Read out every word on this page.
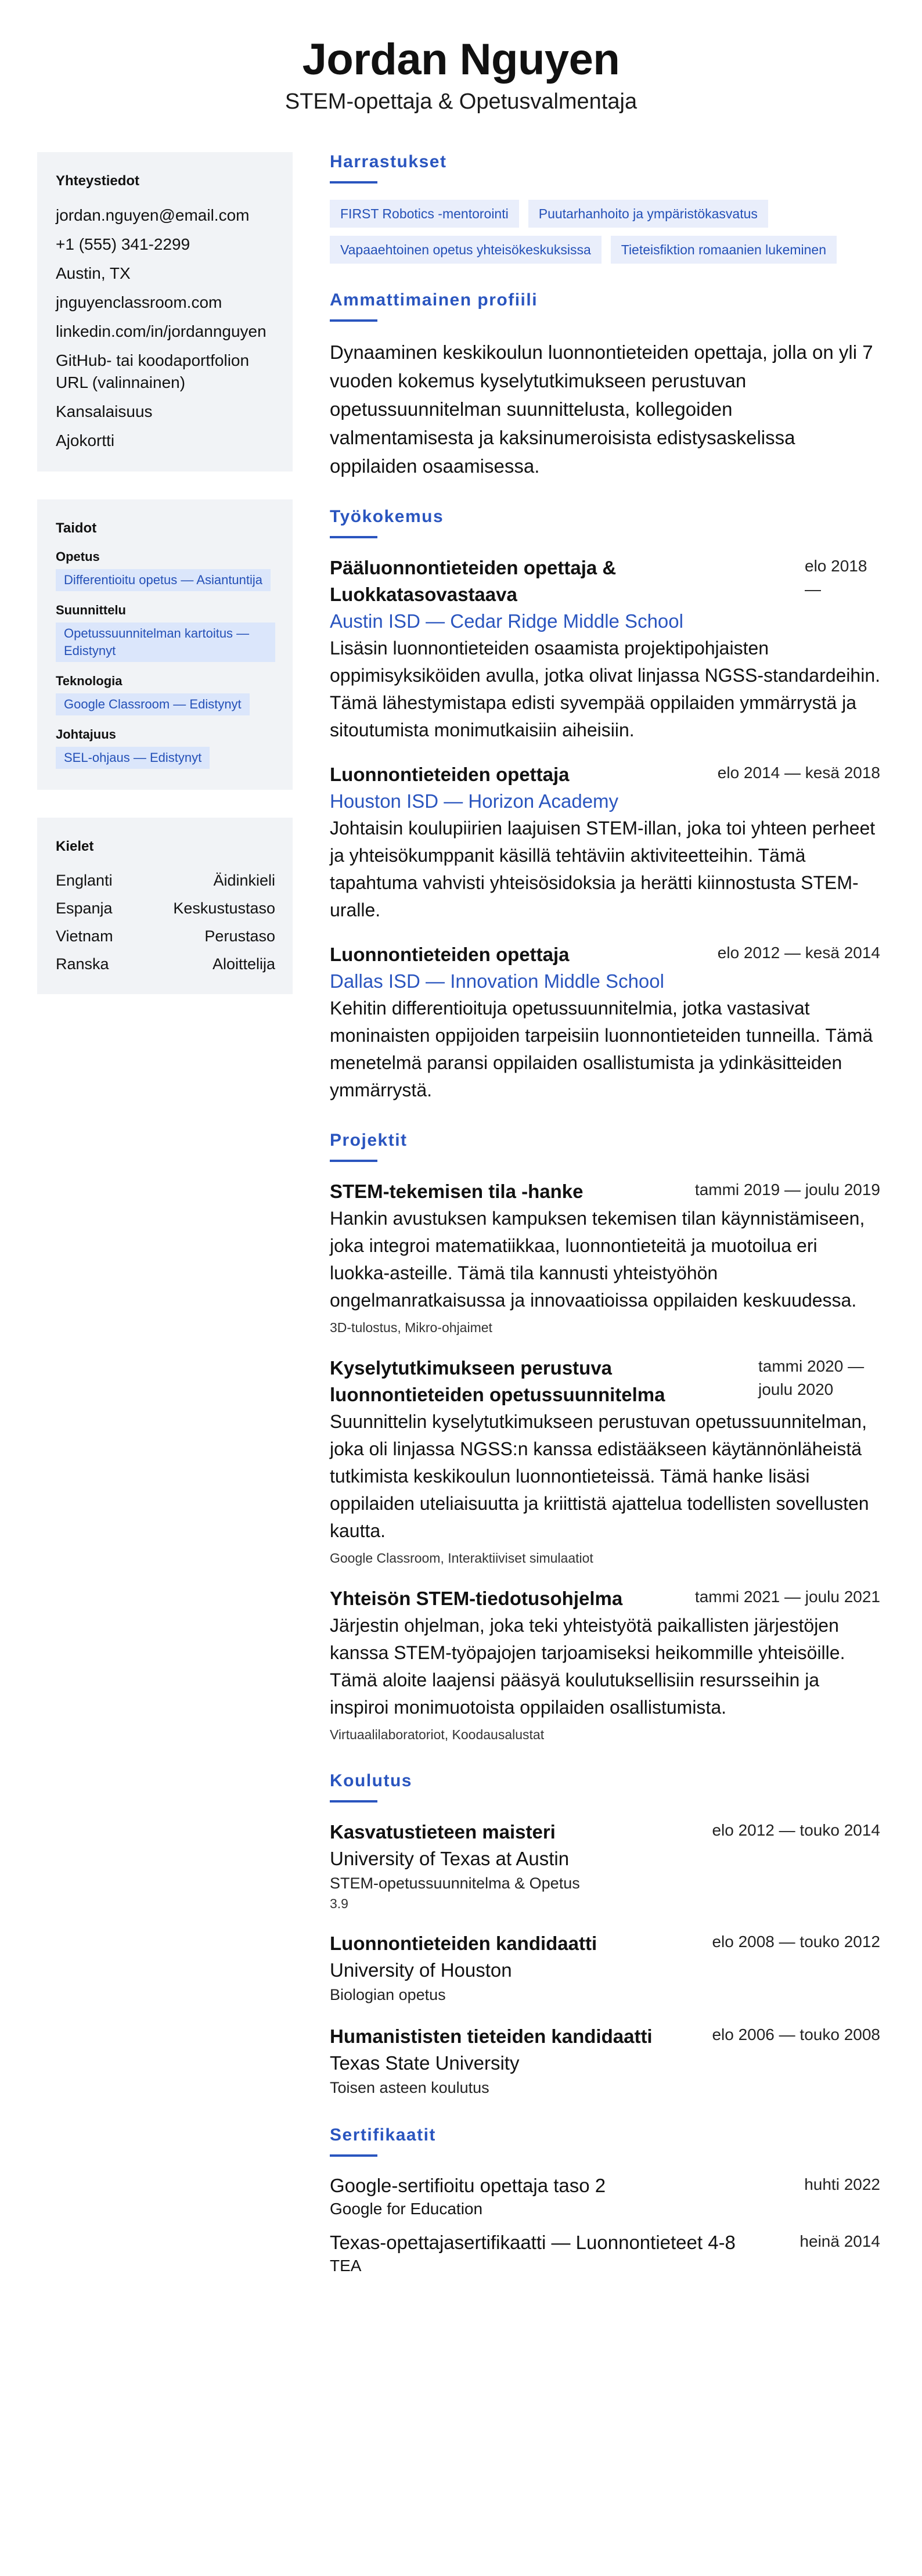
Jordan Nguyen
STEM-opettaja & Opetusvalmentaja
Yhteystiedot
jordan.nguyen@email.com
+1 (555) 341-2299
Austin, TX
jnguyenclassroom.com
linkedin.com/in/jordannguyen
GitHub- tai koodaportfolion URL (valinnainen)
Kansalaisuus
Ajokortti
Taidot
Opetus
Differentioitu opetus — Asiantuntija
Suunnittelu
Opetussuunnitelman kartoitus — Edistynyt
Teknologia
Google Classroom — Edistynyt
Johtajuus
SEL-ohjaus — Edistynyt
Kielet
Englanti	Äidinkieli
Espanja	Keskustustaso
Vietnam	Perustaso
Ranska	Aloittelija
Harrastukset
FIRST Robotics -mentorointi	Puutarhanhoito ja ympäristökasvatus
Vapaaehtoinen opetus yhteisökeskuksissa	Tieteisfiktion romaanien lukeminen
Ammattimainen profiili

Dynaaminen keskikoulun luonnontieteiden opettaja, jolla on yli 7 vuoden kokemus kyselytutkimukseen perustuvan opetussuunnitelman suunnittelusta, kollegoiden valmentamisesta ja kaksinumeroisista edistysaskelissa oppilaiden osaamisessa.

Työkokemus
Pääluonnontieteiden opettaja & Luokkatasovastaava
elo 2018 —
Austin ISD — Cedar Ridge Middle School

Lisäsin luonnontieteiden osaamista projektipohjaisten oppimisyksiköiden avulla, jotka olivat linjassa NGSS-standardeihin. Tämä lähestymistapa edisti syvempää oppilaiden ymmärrystä ja sitoutumista monimutkaisiin aiheisiin.

Luonnontieteiden opettaja	elo 2014 — kesä 2018
Houston ISD — Horizon Academy

Johtaisin koulupiirien laajuisen STEM-illan, joka toi yhteen perheet ja yhteisökumppanit käsillä tehtäviin aktiviteetteihin. Tämä tapahtuma vahvisti yhteisösidoksia ja herätti kiinnostusta STEM-uralle.

Luonnontieteiden opettaja	elo 2012 — kesä 2014
Dallas ISD — Innovation Middle School

Kehitin differentioituja opetussuunnitelmia, jotka vastasivat moninaisten oppijoiden tarpeisiin luonnontieteiden tunneilla. Tämä menetelmä paransi oppilaiden osallistumista ja ydinkäsitteiden ymmärrystä.

Projektit
STEM-tekemisen tila -hanke	tammi 2019 — joulu 2019

Hankin avustuksen kampuksen tekemisen tilan käynnistämiseen, joka integroi matematiikkaa, luonnontieteitä ja muotoilua eri luokka-asteille. Tämä tila kannusti yhteistyöhön ongelmanratkaisussa ja innovaatioissa oppilaiden keskuudessa.

3D-tulostus, Mikro-ohjaimet
Kyselytutkimukseen perustuva luonnontieteiden opetussuunnitelma
tammi 2020 — joulu 2020

Suunnittelin kyselytutkimukseen perustuvan opetussuunnitelman, joka oli linjassa NGSS:n kanssa edistääkseen käytännönläheistä tutkimista keskikoulun luonnontieteissä. Tämä hanke lisäsi oppilaiden uteliaisuutta ja kriittistä ajattelua todellisten sovellusten kautta.

Google Classroom, Interaktiiviset simulaatiot
Yhteisön STEM-tiedotusohjelma	tammi 2021 — joulu 2021

Järjestin ohjelman, joka teki yhteistyötä paikallisten järjestöjen kanssa STEM-työpajojen tarjoamiseksi heikommille yhteisöille. Tämä aloite laajensi pääsyä koulutuksellisiin resursseihin ja inspiroi monimuotoista oppilaiden osallistumista.

Virtuaalilaboratoriot, Koodausalustat
Koulutus
Kasvatustieteen maisteri	elo 2012 — touko 2014
University of Texas at Austin
STEM-opetussuunnitelma & Opetus
3.9
Luonnontieteiden kandidaatti	elo 2008 — touko 2012
University of Houston
Biologian opetus
Humanististen tieteiden kandidaatti	elo 2006 — touko 2008
Texas State University
Toisen asteen koulutus
Sertifikaatit
Google-sertifioitu opettaja taso 2	huhti 2022
Google for Education
Texas-opettajasertifikaatti — Luonnontieteet 4-8	heinä 2014
TEA
